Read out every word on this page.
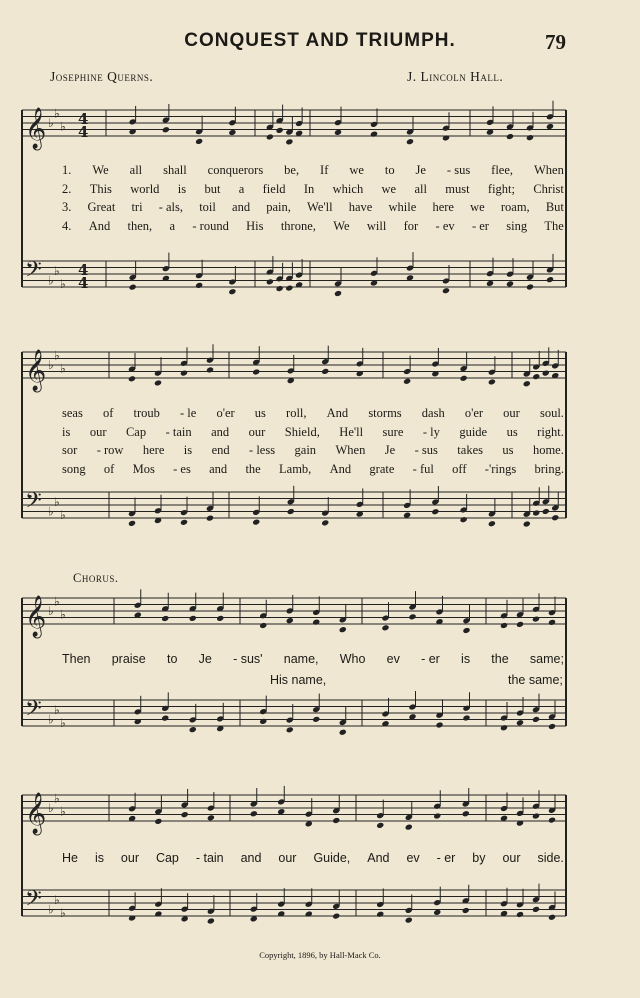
CONQUEST AND TRIUMPH.	79
Josephine Querns.	J. Lincoln Hall.
𝄞 ♭
♭
♭
𝄢 ♭
♭
♭
4
4
4
4
𝄞 ♭
♭
♭
𝄢 ♭
♭
♭
𝄞 ♭
♭
♭
𝄢 ♭
♭
♭
𝄞 ♭
♭
♭
𝄢 ♭
♭
♭
1. We all shall conquerors be, If we to Je - sus flee, When
2. This world is but a field In which we all must fight; Christ
3. Great tri - als, toil and pain, We'll have while here we roam, But
4. And then, a - round His throne, We will for - ev - er sing The
seas of troub - le o'er us roll, And storms dash o'er our soul.
is our Cap - tain and our Shield, He'll sure - ly guide us right.
sor - row here is end - less gain When Je - sus takes us home.
song of Mos - es and the Lamb, And grate - ful off -'rings bring.
Chorus.
Then praise to Je - sus' name, Who ev - er is the same;
His name,	the same;
He is our Cap - tain and our Guide, And ev - er by our side.
Copyright, 1896, by Hall-Mack Co.
